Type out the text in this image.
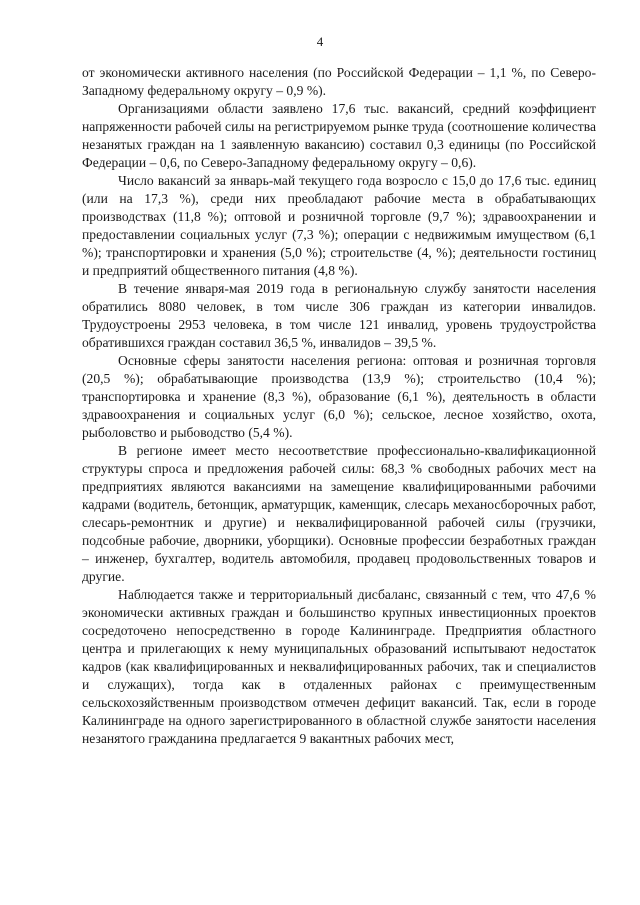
4

от экономически активного населения (по Российской Федерации – 1,1 %, по Северо-Западному федеральному округу – 0,9 %).

Организациями области заявлено 17,6 тыс. вакансий, средний коэффициент напряженности рабочей силы на регистрируемом рынке труда (соотношение количества незанятых граждан на 1 заявленную вакансию) составил 0,3 единицы (по Российской Федерации – 0,6, по Северо-Западному федеральному округу – 0,6).

Число вакансий за январь-май текущего года возросло с 15,0 до 17,6 тыс. единиц (или на 17,3 %), среди них преобладают рабочие места в обрабатывающих производствах (11,8 %); оптовой и розничной торговле (9,7 %); здравоохранении и предоставлении социальных услуг (7,3 %); операции с недвижимым имуществом (6,1 %); транспортировки и хранения (5,0 %); строительстве (4, %); деятельности гостиниц и предприятий общественного питания (4,8 %).

В течение января-мая 2019 года в региональную службу занятости населения обратились 8080 человек, в том числе 306 граждан из категории инвалидов. Трудоустроены 2953 человека, в том числе 121 инвалид, уровень трудоустройства обратившихся граждан составил 36,5 %, инвалидов – 39,5 %.

Основные сферы занятости населения региона: оптовая и розничная торговля (20,5 %); обрабатывающие производства (13,9 %); строительство (10,4 %); транспортировка и хранение (8,3 %), образование (6,1 %), деятельность в области здравоохранения и социальных услуг (6,0 %); сельское, лесное хозяйство, охота, рыболовство и рыбоводство (5,4 %).

В регионе имеет место несоответствие профессионально-квалификационной структуры спроса и предложения рабочей силы: 68,3 % свободных рабочих мест на предприятиях являются вакансиями на замещение квалифицированными рабочими кадрами (водитель, бетонщик, арматурщик, каменщик, слесарь механосборочных работ, слесарь-ремонтник и другие) и неквалифицированной рабочей силы (грузчики, подсобные рабочие, дворники, уборщики). Основные профессии безработных граждан – инженер, бухгалтер, водитель автомобиля, продавец продовольственных товаров и другие.

Наблюдается также и территориальный дисбаланс, связанный с тем, что 47,6 % экономически активных граждан и большинство крупных инвестиционных проектов сосредоточено непосредственно в городе Калининграде. Предприятия областного центра и прилегающих к нему муниципальных образований испытывают недостаток кадров (как квалифицированных и неквалифицированных рабочих, так и специалистов и служащих), тогда как в отдаленных районах с преимущественным сельскохозяйственным производством отмечен дефицит вакансий. Так, если в городе Калининграде на одного зарегистрированного в областной службе занятости населения незанятого гражданина предлагается 9 вакантных рабочих мест,
